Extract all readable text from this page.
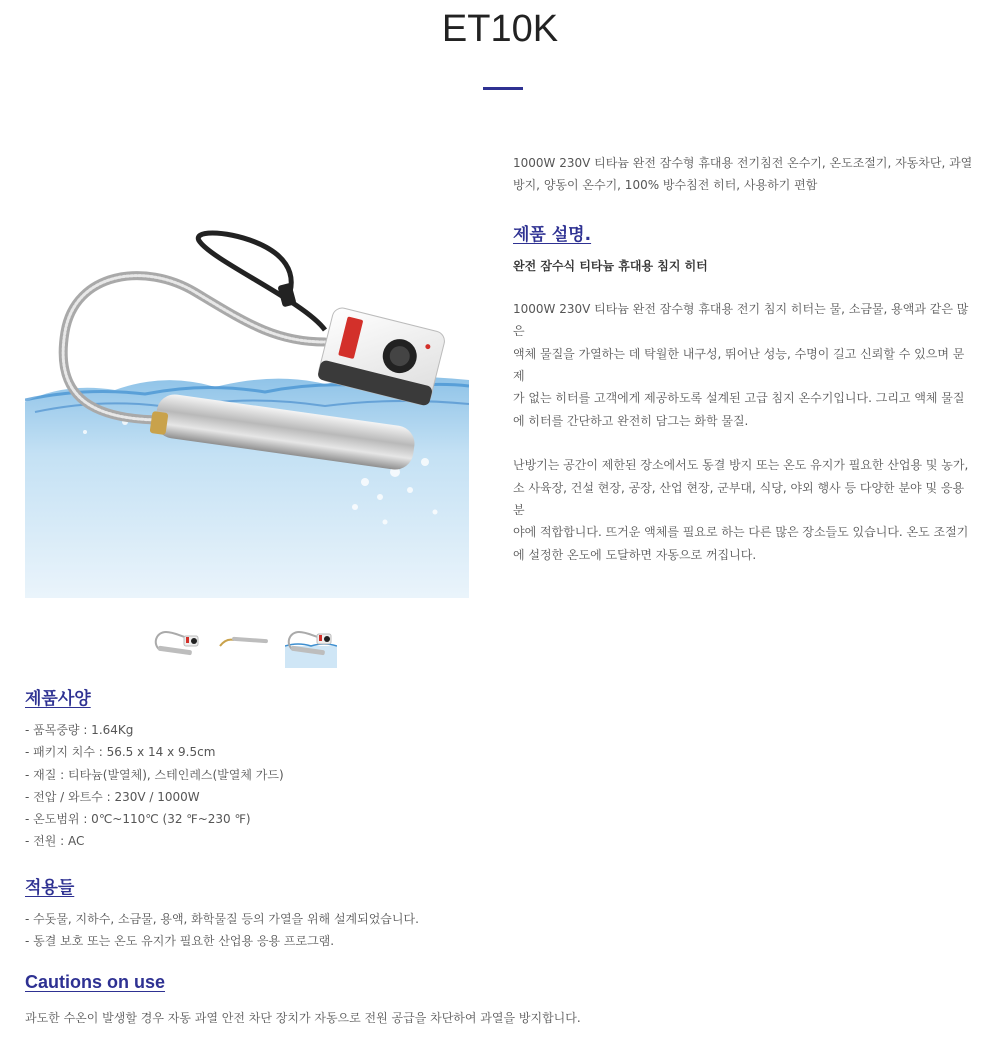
ET10K

1000W 230V 티타늄 완전 잠수형 휴대용 전기침전 온수기, 온도조절기, 자동차단, 과열

방지, 양동이 온수기, 100% 방수침전 히터, 사용하기 편함

제품 설명.

완전 잠수식 티타늄 휴대용 침지 히터

1000W 230V 티타늄 완전 잠수형 휴대용 전기 침지 히터는 물, 소금물, 용액과 같은 많은

액체 물질을 가열하는 데 탁월한 내구성, 뛰어난 성능, 수명이 길고 신뢰할 수 있으며 문제

가 없는 히터를 고객에게 제공하도록 설계된 고급 침지 온수기입니다. 그리고 액체 물질

에 히터를 간단하고 완전히 담그는 화학 물질.

난방기는 공간이 제한된 장소에서도 동결 방지 또는 온도 유지가 필요한 산업용 및 농가,

소 사육장, 건설 현장, 공장, 산업 현장, 군부대, 식당, 야외 행사 등 다양한 분야 및 응용 분

야에 적합합니다. 뜨거운 액체를 필요로 하는 다른 많은 장소들도 있습니다. 온도 조절기

에 설정한 온도에 도달하면 자동으로 꺼집니다.

제품사양

- 품목중량 : 1.64Kg

- 패키지 치수 : 56.5 x 14 x 9.5cm

- 재질 : 티타늄(발열체), 스테인레스(발열체 가드)

- 전압 / 와트수 : 230V / 1000W

- 온도범위 : 0℃~110℃ (32 ℉~230 ℉)

- 전원 : AC

적용들

- 수돗물, 지하수, 소금물, 용액, 화학물질 등의 가열을 위해 설계되었습니다.

- 동결 보호 또는 온도 유지가 필요한 산업용 응용 프로그램.

Cautions on use

과도한 수온이 발생할 경우 자동 과열 안전 차단 장치가 자동으로 전원 공급을 차단하여 과열을 방지합니다.
